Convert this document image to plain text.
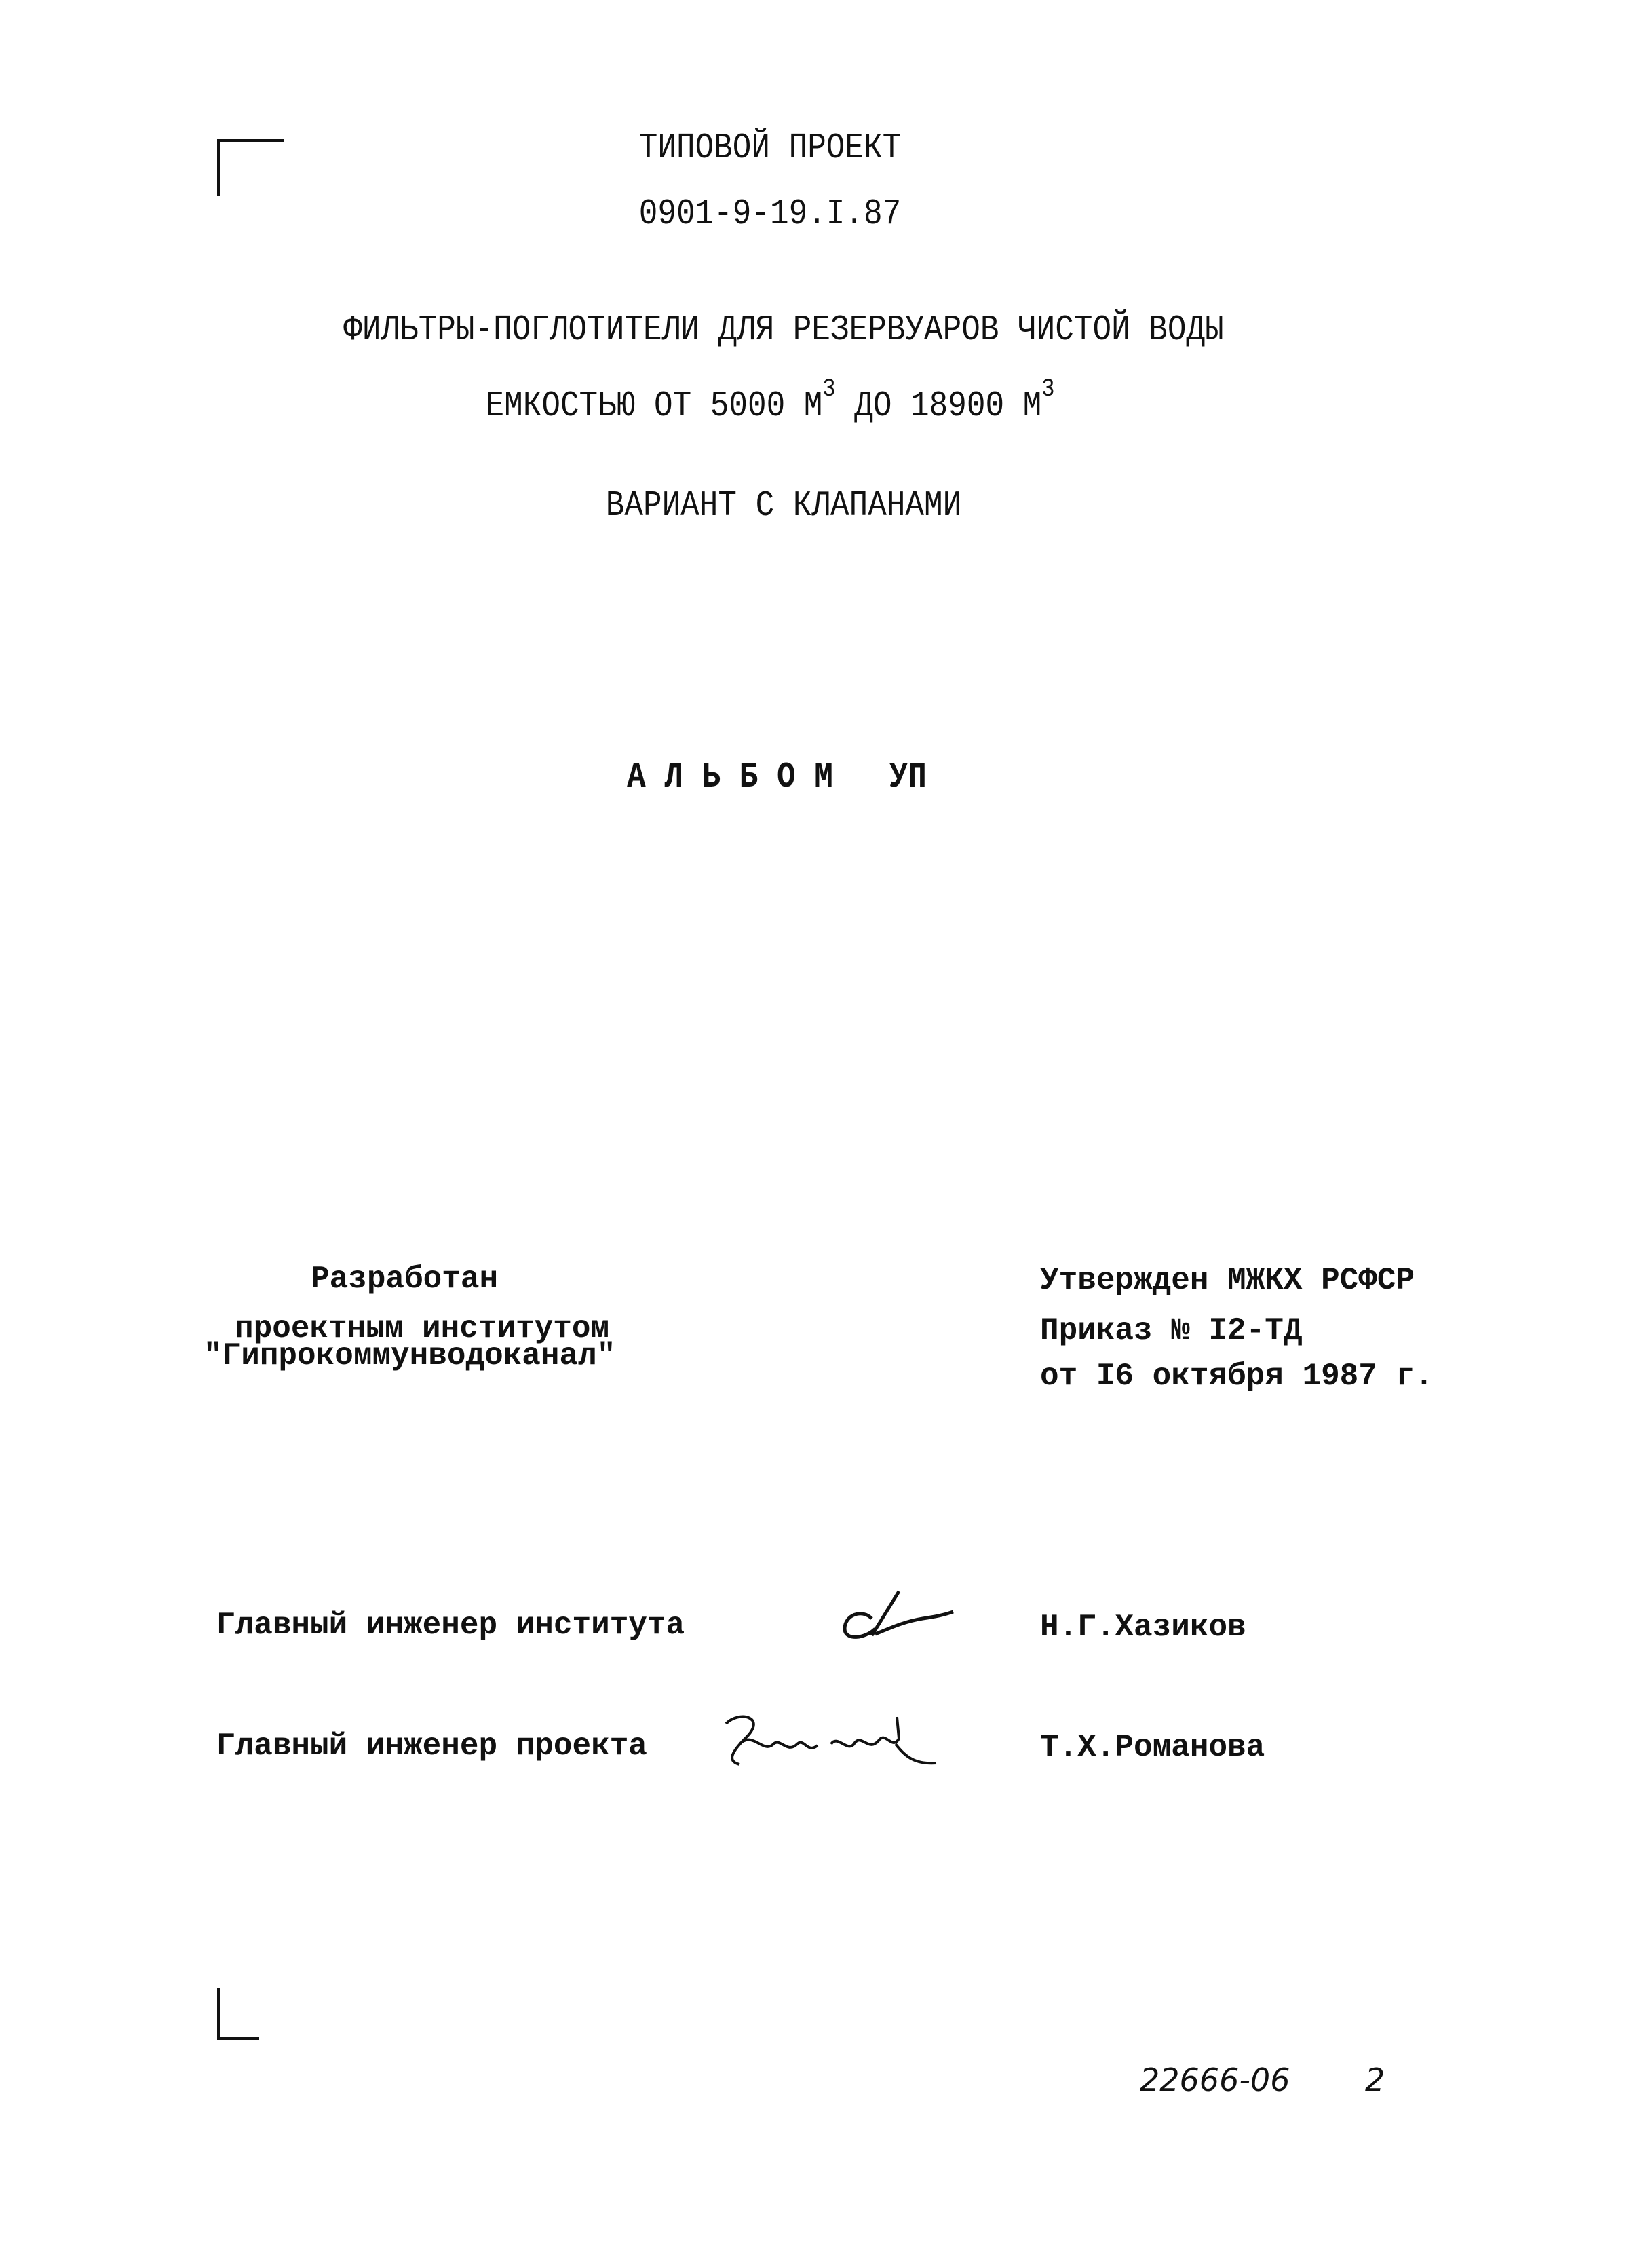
ТИПОВОЙ ПРОЕКТ
0901-9-19.I.87
ФИЛЬТРЫ-ПОГЛОТИТЕЛИ ДЛЯ РЕЗЕРВУАРОВ ЧИСТОЙ ВОДЫ
ЕМКОСТЬЮ ОТ 5000 $М^3$ ДО 18900 $М^3$
ВАРИАНТ С КЛАПАНАМИ
А Л Ь Б О М   УП
Разработан
проектным институтом
"Гипрокоммунводоканал"
Утвержден МЖКХ РСФСР
Приказ № I2-ТД
от I6 октября 1987 г.
Главный инженер института	Н.Г.Хазиков
Главный инженер проекта	Т.Х.Романова
22666-06 2
